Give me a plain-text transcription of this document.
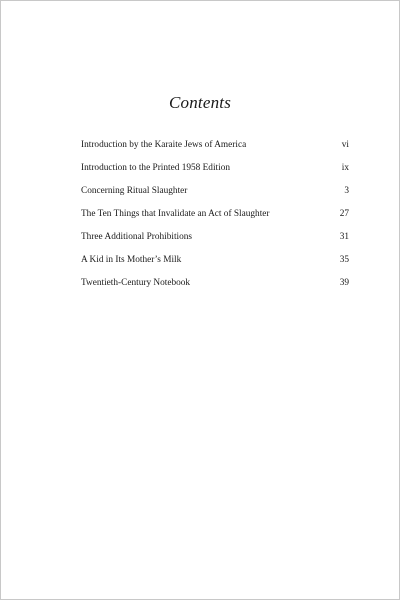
Contents
Introduction by the Karaite Jews of America	vi
Introduction to the Printed 1958 Edition	ix
Concerning Ritual Slaughter	3
The Ten Things that Invalidate an Act of Slaughter	27
Three Additional Prohibitions	31
A Kid in Its Mother’s Milk	35
Twentieth-Century Notebook	39
